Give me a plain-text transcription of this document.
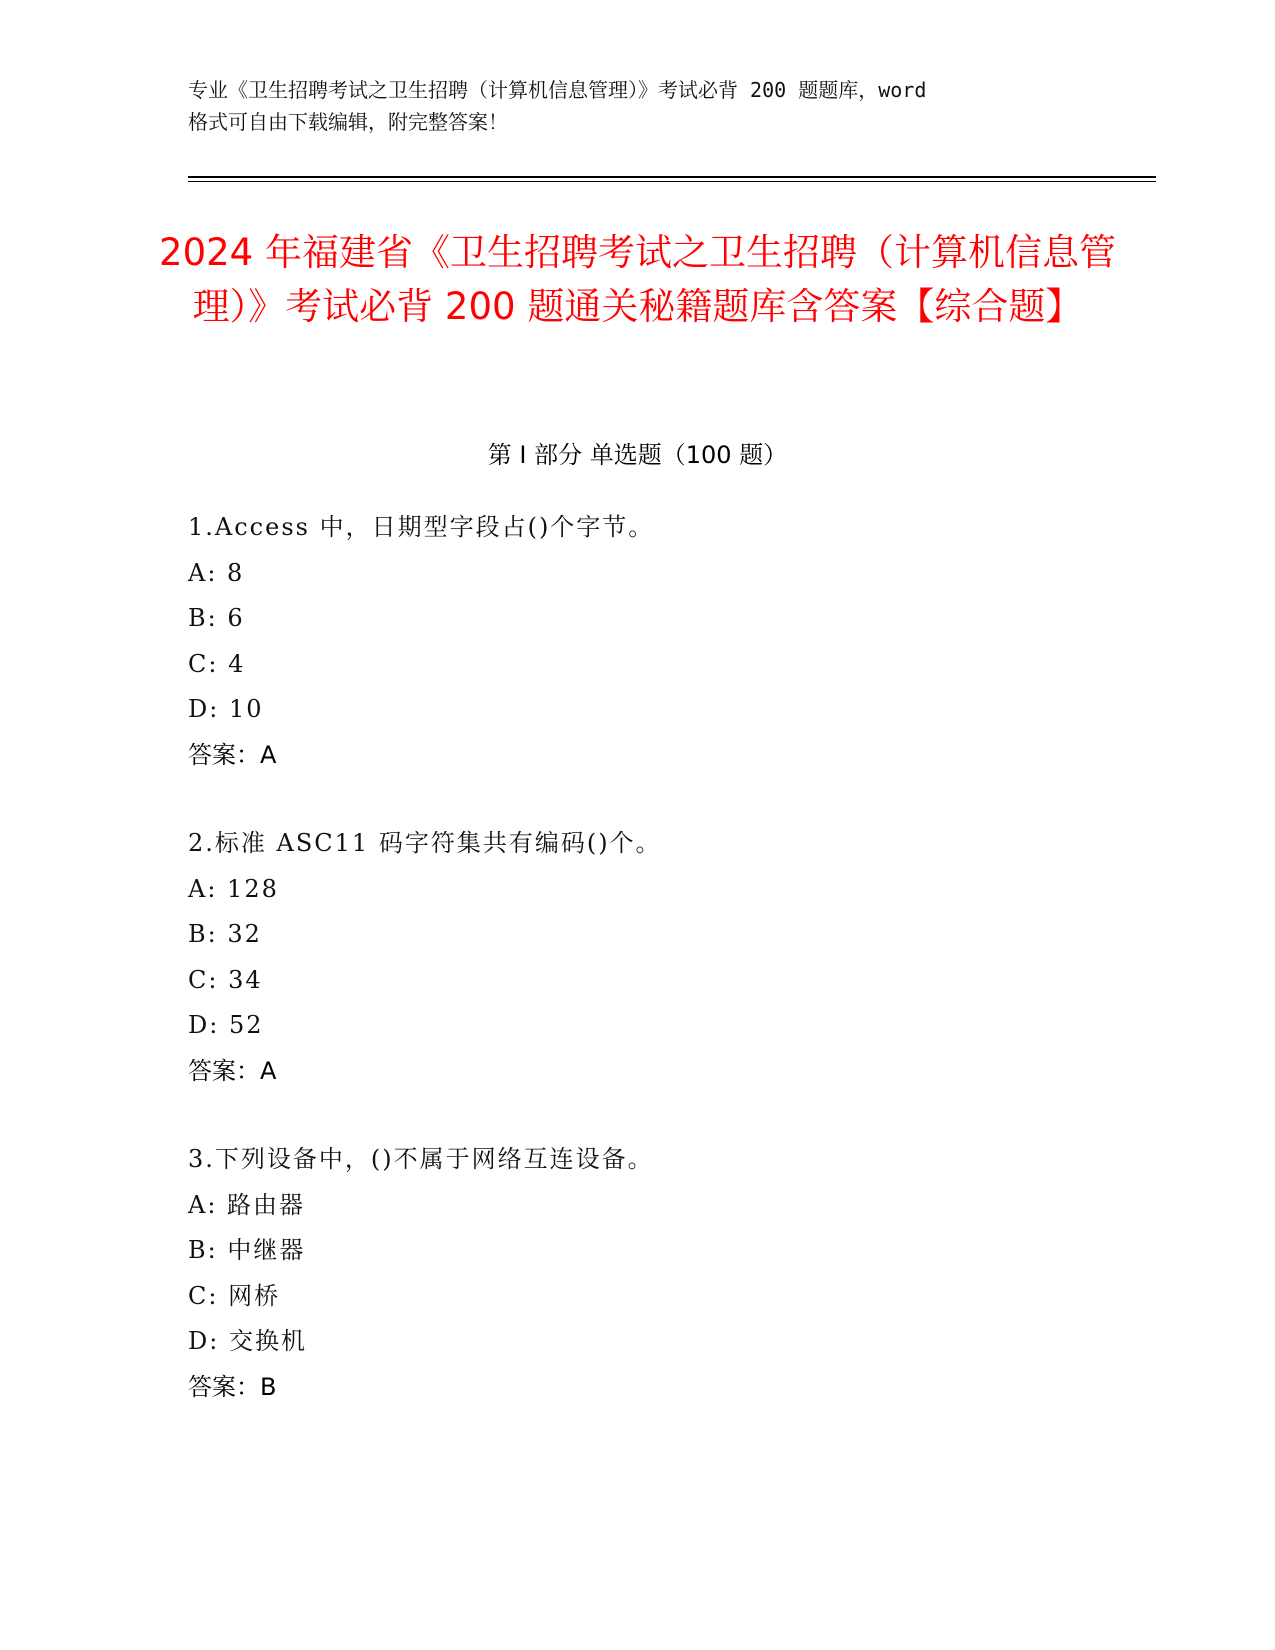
专业《卫生招聘考试之卫生招聘（计算机信息管理）》考试必背 200 题题库，word
格式可自由下载编辑，附完整答案！
2024 年福建省《卫生招聘考试之卫生招聘（计算机信息管理）》考试必背 200 题通关秘籍题库含答案【综合题】
第 I 部分 单选题（100 题）
1.Access 中，日期型字段占()个字节。
A: 8
B: 6
C: 4
D: 10
答案：A
2.标准 ASC11 码字符集共有编码()个。
A: 128
B: 32
C: 34
D: 52
答案：A
3.下列设备中，()不属于网络互连设备。
A: 路由器
B: 中继器
C: 网桥
D: 交换机
答案：B
